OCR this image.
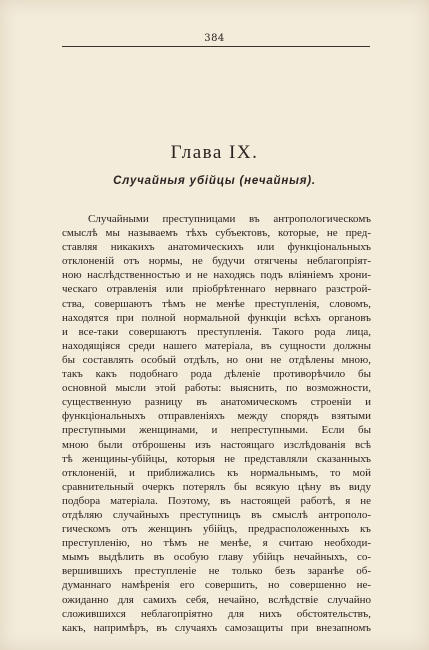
384
Глава IX.
Случайныя убійцы (нечайныя).
Случайными преступницами въ антропологическомъ
смыслѣ мы называемъ тѣхъ субъектовъ, которые, не пред-
ставляя никакихъ анатомическихъ или функціональныхъ
отклоненій отъ нормы, не будучи отягчены неблагопріят-
ною наслѣдственностью и не находясь подъ вліяніемъ хрони-
ческаго отравленія или пріобрѣтеннаго нервнаго разстрой-
ства, совершаютъ тѣмъ не менѣе преступленія, словомъ,
находятся при полной нормальной функціи всѣхъ органовъ
и все-таки совершаютъ преступленія. Такого рода лица,
находящіяся среди нашего матеріала, въ сущности должны
бы составлять особый отдѣлъ, но они не отдѣлены мною,
такъ какъ подобнаго рода дѣленіе противорѣчило бы
основной мысли этой работы: выяснить, по возможности,
существенную разницу въ анатомическомъ строеніи и
функціональныхъ отправленіяхъ между спорядъ взятыми
преступными женщинами, и непреступными. Если бы
мною были отброшены изъ настоящаго изслѣдованія всѣ
тѣ женщины-убійцы, которыя не представляли сказанныхъ
отклоненій, и приближались къ нормальнымъ, то мой
сравнительный очеркъ потерялъ бы всякую цѣну въ виду
подбора матеріала. Поэтому, въ настоящей работѣ, я не
отдѣляю случайныхъ преступницъ въ смыслѣ антрополо-
гическомъ отъ женщинъ убійцъ, предрасположенныхъ къ
преступленію, но тѣмъ не менѣе, я считаю необходи-
мымъ выдѣлить въ особую главу убійцъ нечайныхъ, со-
вершившихъ преступленіе не только безъ заранѣе об-
думаннаго намѣренія его совершить, но совершенно не-
ожиданно для самихъ себя, нечайно, вслѣдствіе случайно
сложившихся неблагопріятно для нихъ обстоятельствъ,
какъ, напримѣръ, въ случаяхъ самозащиты при внезапномъ
